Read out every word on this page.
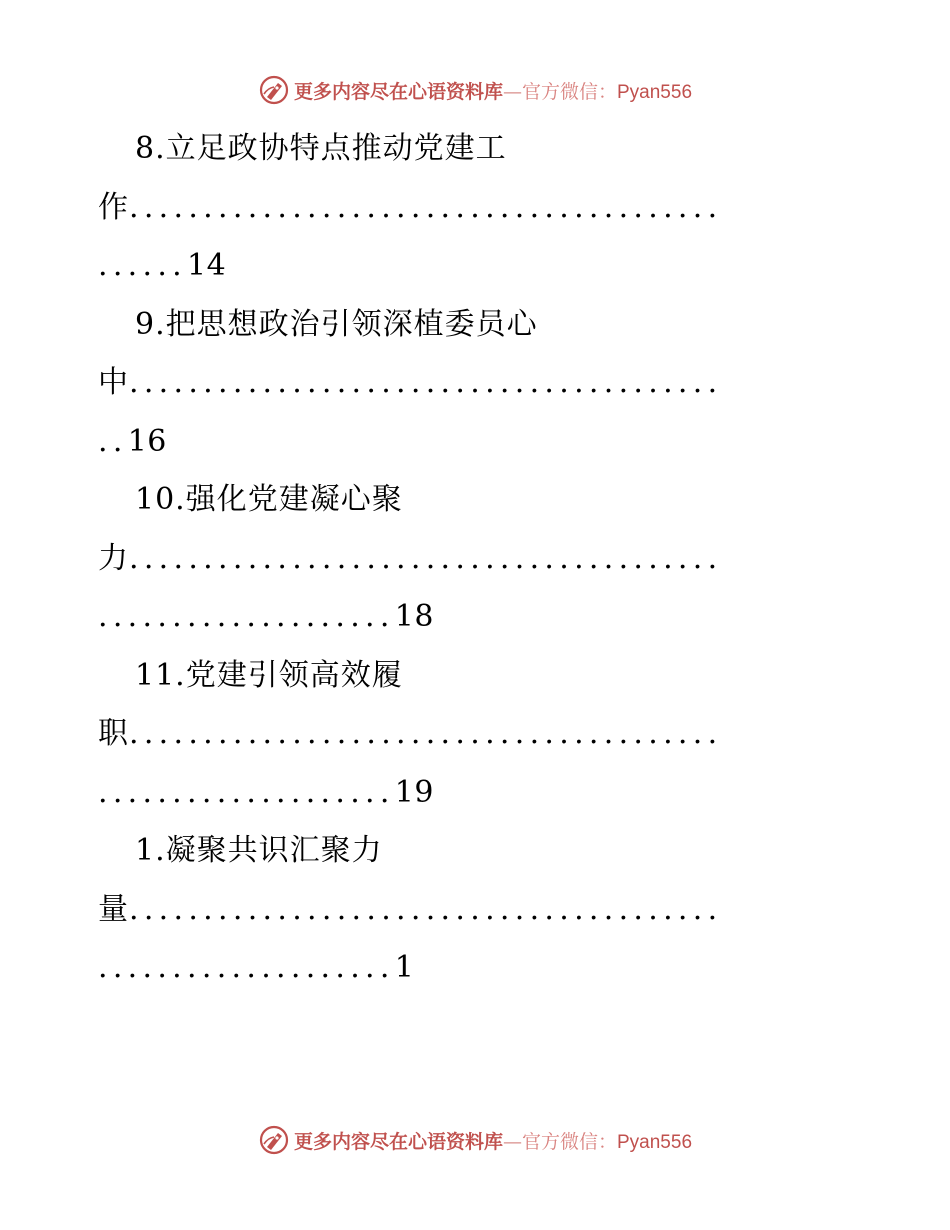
更多内容尽在心语资料库—官方微信：Pyan556
8.立足政协特点推动党建工
作........................................
......14
9.把思想政治引领深植委员心
中........................................
..16
10.强化党建凝心聚
力........................................
....................18
11.党建引领高效履
职........................................
....................19
1.凝聚共识汇聚力
量........................................
....................1
更多内容尽在心语资料库—官方微信：Pyan556
